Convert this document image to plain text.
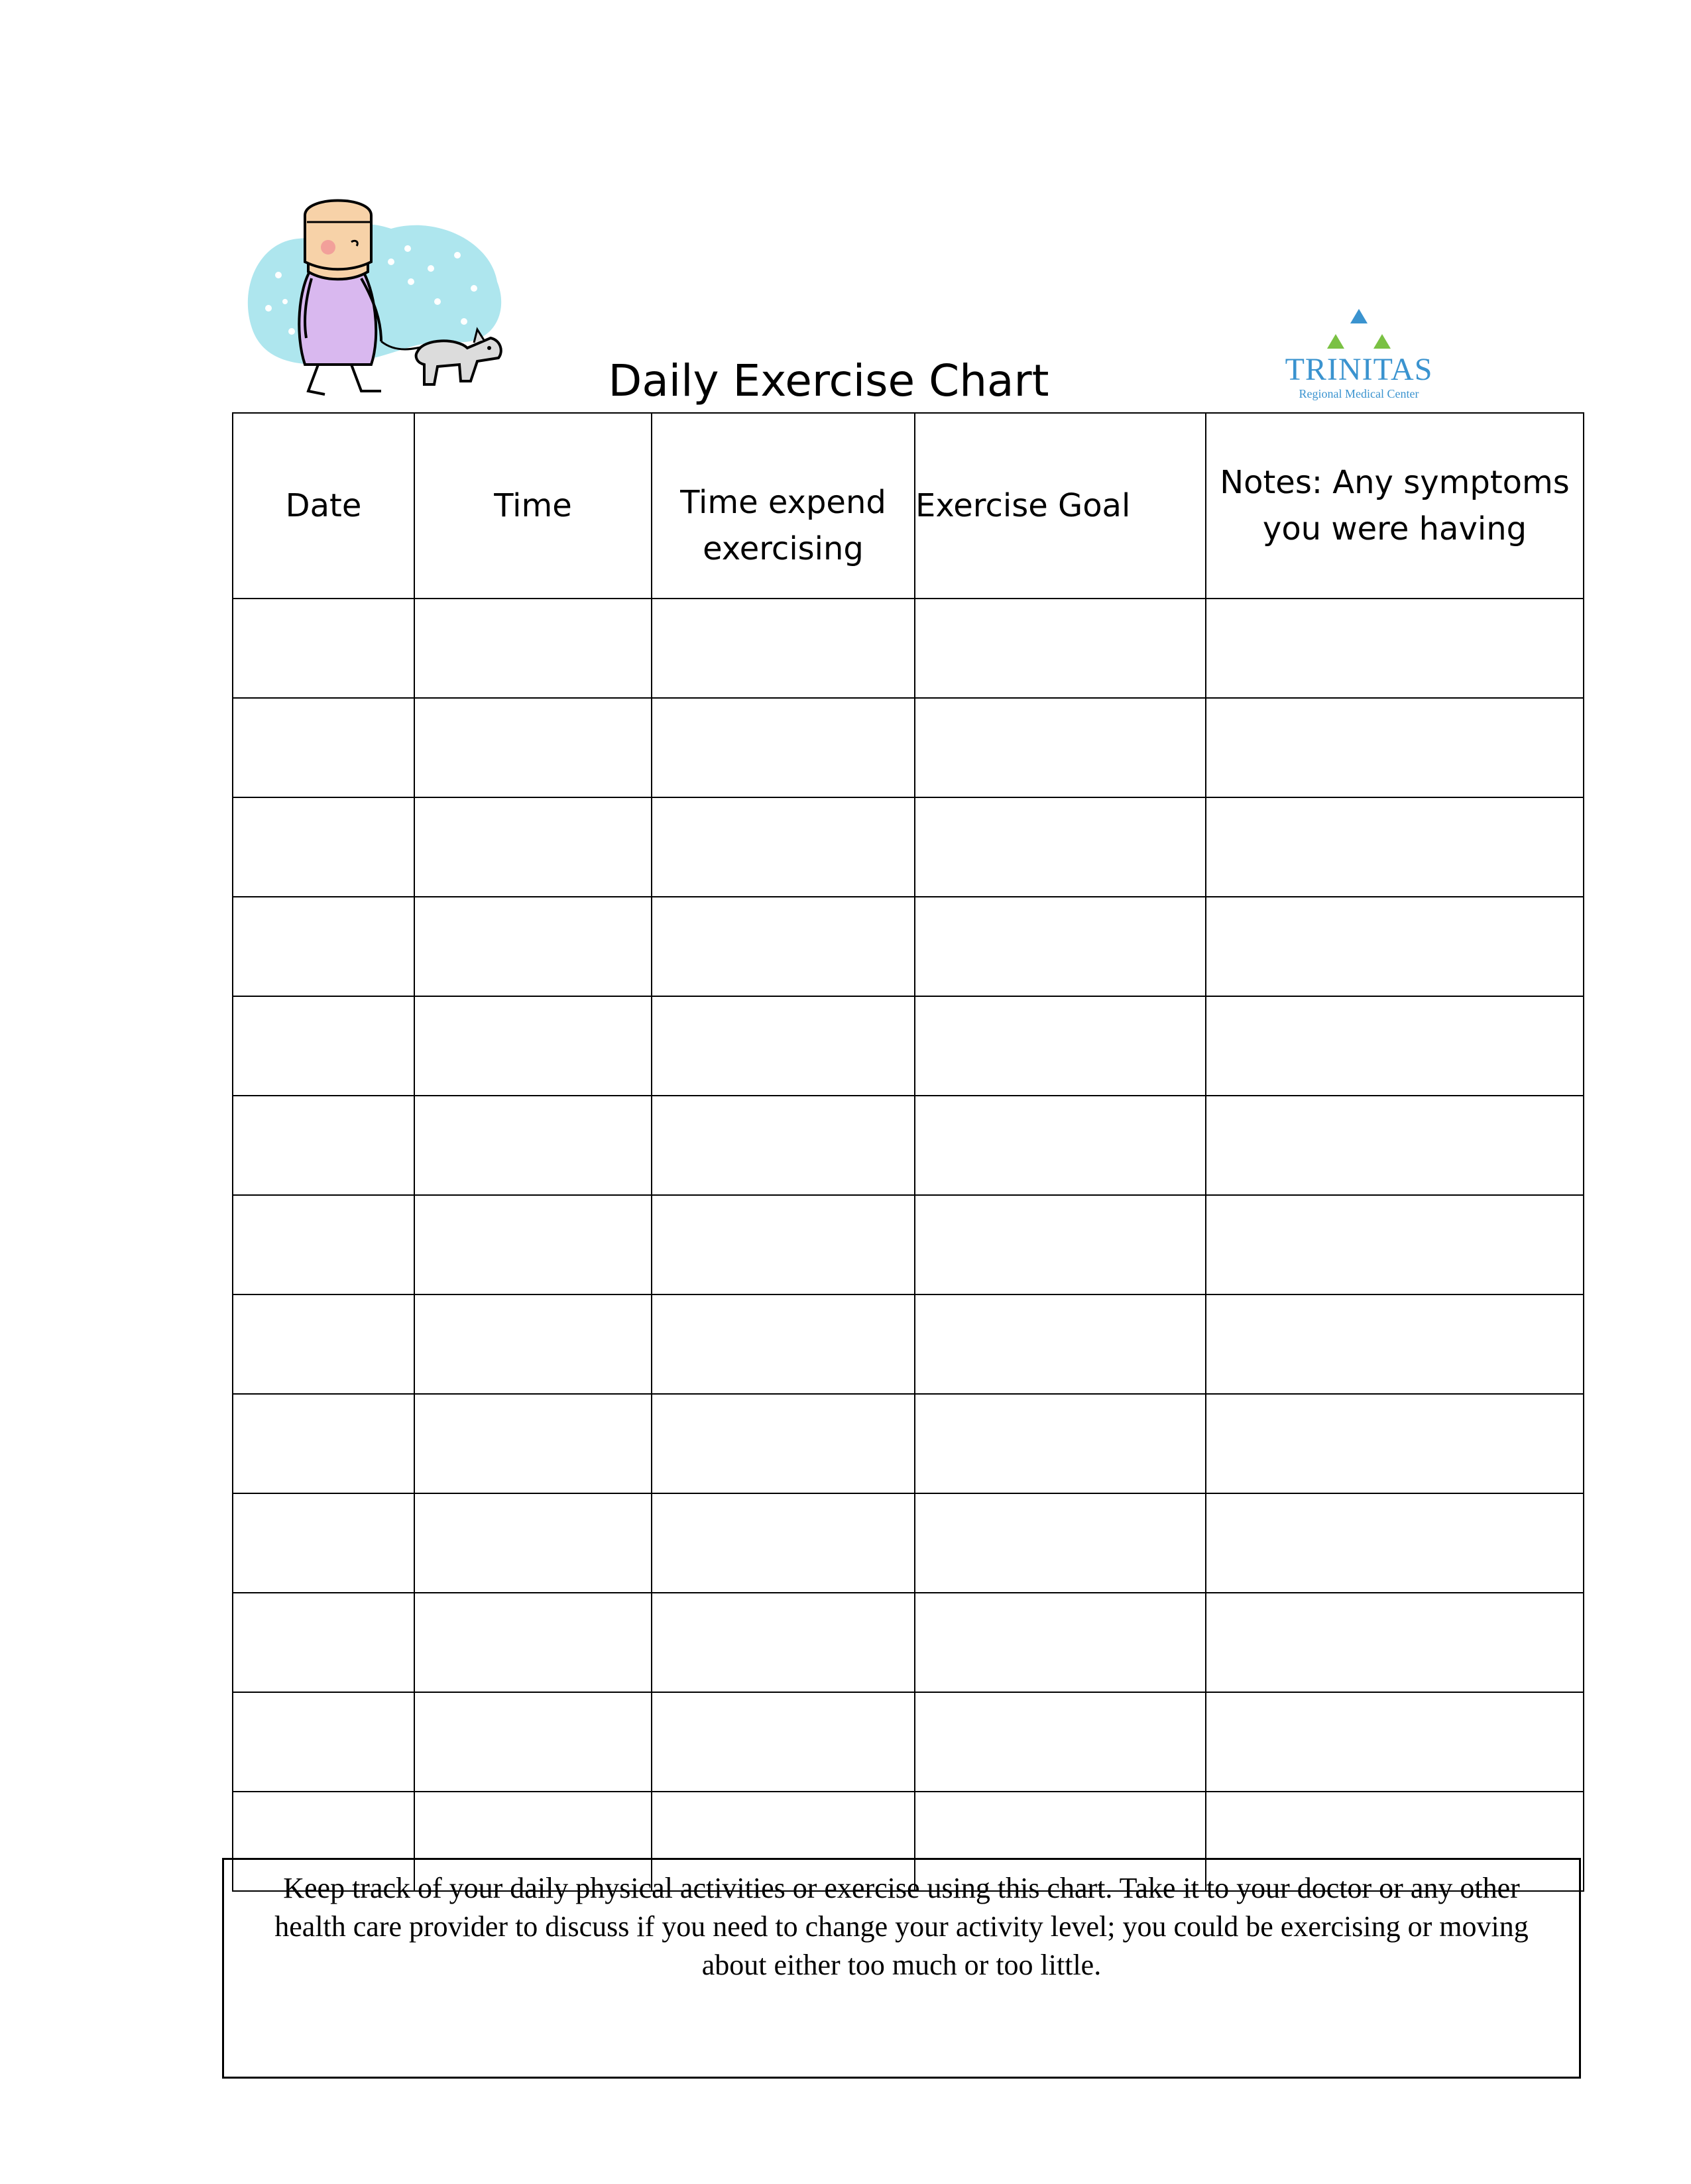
Daily Exercise Chart	TRINITAS
Regional Medical Center
Date	Time	Time expend exercising	Exercise Goal	Notes: Any symptoms you were having

Keep track of your daily physical activities or exercise using this chart. Take it to your doctor or any other health care provider to discuss if you need to change your activity level; you could be exercising or moving about either too much or too little.
